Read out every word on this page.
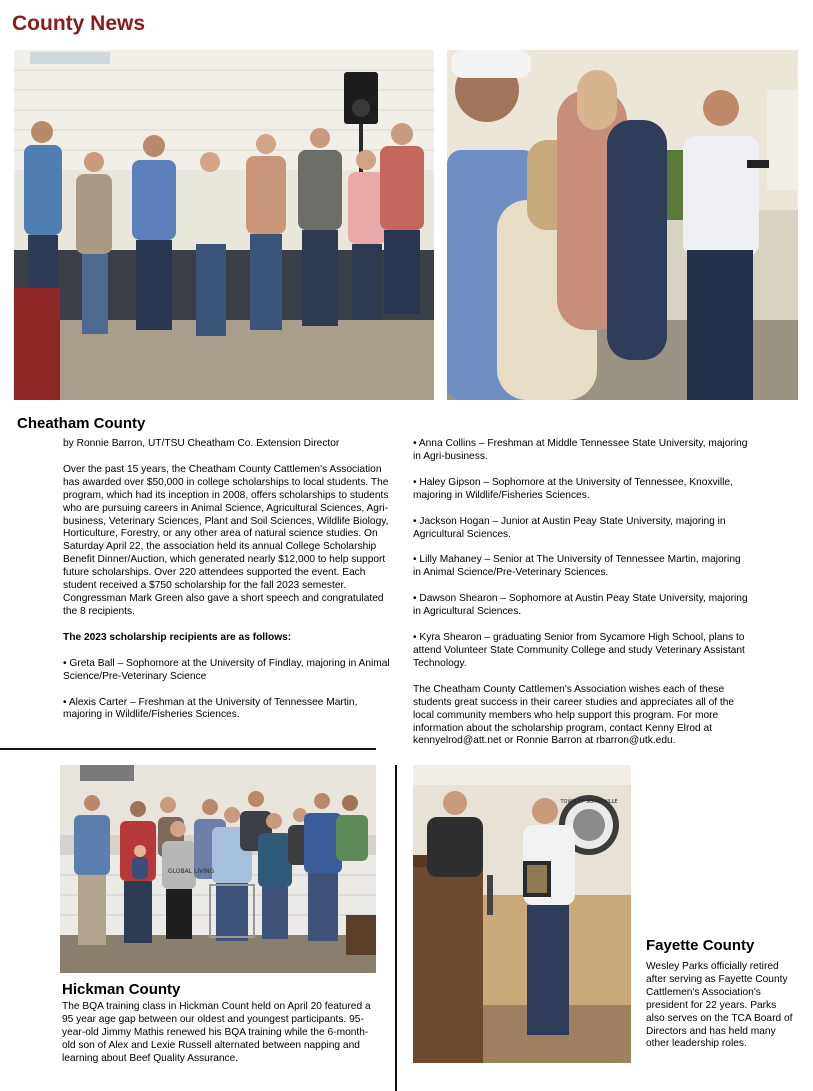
County News
Cheatham County

by Ronnie Barron, UT/TSU Cheatham Co. Extension Director

Over the past 15 years, the Cheatham County Cattlemen's Association has awarded over $50,000 in college scholarships to local students. The program, which had its inception in 2008, offers scholarships to students who are pursuing careers in Animal Science, Agricultural Sciences, Agri-business, Veterinary Sciences, Plant and Soil Sciences, Wildlife Biology, Horticulture, Forestry, or any other area of natural science studies. On Saturday April 22, the association held its annual College Scholarship Benefit Dinner/Auction, which generated nearly $12,000 to help support future scholarships. Over 220 attendees supported the event. Each student received a $750 scholarship for the fall 2023 semester. Congressman Mark Green also gave a short speech and congratulated the 8 recipients.

The 2023 scholarship recipients are as follows:

• Greta Ball – Sophomore at the University of Findlay, majoring in Animal Science/Pre-Veterinary Science

• Alexis Carter – Freshman at the University of Tennessee Martin, majoring in Wildlife/Fisheries Sciences.

• Anna Collins – Freshman at Middle Tennessee State University, majoring in Agri-business.

• Haley Gipson – Sophomore at the University of Tennessee, Knoxville, majoring in Wildlife/Fisheries Sciences.

• Jackson Hogan – Junior at Austin Peay State University, majoring in Agricultural Sciences.

• Lilly Mahaney – Senior at The University of Tennessee Martin, majoring in Animal Science/Pre-Veterinary Sciences.

• Dawson Shearon – Sophomore at Austin Peay State University, majoring in Agricultural Sciences.

• Kyra Shearon – graduating Senior from Sycamore High School, plans to attend Volunteer State Community College and study Veterinary Assistant Technology.

The Cheatham County Cattlemen's Association wishes each of these students great success in their career studies and appreciates all of the local community members who help support this program. For more information about the scholarship program, contact Kenny Elrod at kennyelrod@att.net or Ronnie Barron at rbarron@utk.edu.

GLOBAL LIVING
Hickman County
The BQA training class in Hickman Count held on April 20 featured a 95 year age gap between our oldest and youngest participants. 95-year-old Jimmy Mathis renewed his BQA training while the 6-month-old son of Alex and Lexie Russell alternated between napping and learning about Beef Quality Assurance.
TOWN OF SOMERVILLE
Fayette County
Wesley Parks officially retired after serving as Fayette County Cattlemen's Association's president for 22 years. Parks also serves on the TCA Board of Directors and has held many other leadership roles.
